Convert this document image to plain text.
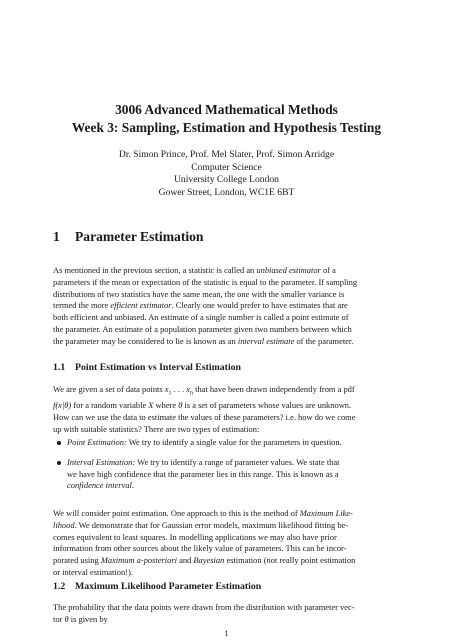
3006 Advanced Mathematical Methods
Week 3: Sampling, Estimation and Hypothesis Testing
Dr. Simon Prince, Prof. Mel Slater, Prof. Simon Arridge
Computer Science
University College London
Gower Street, London, WC1E 6BT
1 Parameter Estimation
As mentioned in the previous section, a statistic is called an unbiased estimator of a
parameters if the mean or expectation of the statistic is equal to the parameter. If sampling
distributions of two statistics have the same mean, the one with the smaller variance is
termed the more efficient estimator. Clearly one would prefer to have estimates that are
both efficient and unbiased. An estimate of a single number is called a point estimate of
the parameter. An estimate of a population parameter given two numbers between which
the parameter may be considered to lie is known as an interval estimate of the parameter.
1.1 Point Estimation vs Interval Estimation
We are given a set of data points $x_1$ . . . $x_n$ that have been drawn independently from a pdf
f(x|θ) for a random variable X where θ is a set of parameters whose values are unknown.
How can we use the data to estimate the values of these parameters? i.e. how do we come
up with suitable statistics? There are two types of estimation:
Point Estimation: We try to identify a single value for the parameters in question.
Interval Estimation: We try to identify a range of parameter values. We state that
we have high confidence that the parameter lies in this range. This is known as a
confidence interval.
We will consider point estimation. One approach to this is the method of Maximum Like-
lihood. We demonstrate that for Gaussian error models, maximum likelihood fitting be-
comes equivalent to least squares. In modelling applications we may also have prior
information from other sources about the likely value of parameters. This can be incor-
porated using Maximum a-posteriori and Bayesian estimation (not really point estimation
or interval estimation!).
1.2 Maximum Likelihood Parameter Estimation
The probability that the data points were drawn from the distribution with parameter vec-
tor θ is given by
1
